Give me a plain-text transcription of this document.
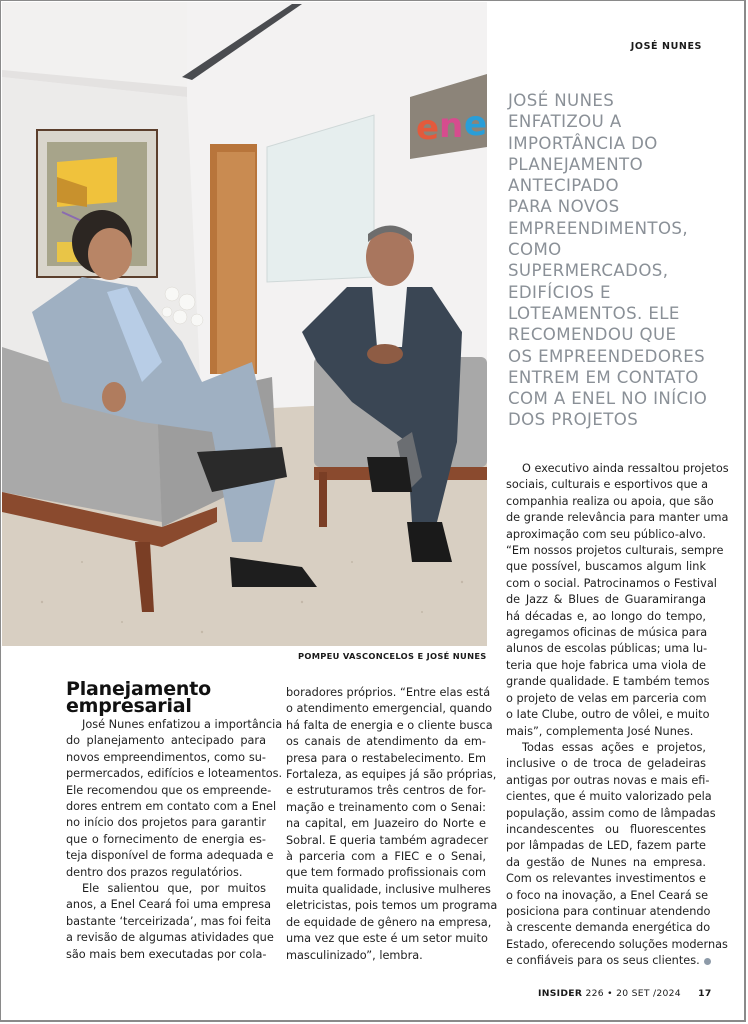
e n e
JOSÉ NUNES
JOSÉ NUNES
ENFATIZOU A
IMPORTÂNCIA DO
PLANEJAMENTO
ANTECIPADO
PARA NOVOS
EMPREENDIMENTOS,
COMO
SUPERMERCADOS,
EDIFÍCIOS E
LOTEAMENTOS. ELE
RECOMENDOU QUE
OS EMPREENDEDORES
ENTREM EM CONTATO
COM A ENEL NO INÍCIO
DOS PROJETOS
POMPEU VASCONCELOS E JOSÉ NUNES
Planejamento
empresarial
José Nunes enfatizou a importância
do planejamento antecipado para
novos empreendimentos, como su-
permercados, edifícios e loteamentos.
Ele recomendou que os empreende-
dores entrem em contato com a Enel
no início dos projetos para garantir
que o fornecimento de energia es-
teja disponível de forma adequada e
dentro dos prazos regulatórios.
Ele salientou que, por muitos
anos, a Enel Ceará foi uma empresa
bastante ‘terceirizada’, mas foi feita
a revisão de algumas atividades que
são mais bem executadas por cola-
boradores próprios. “Entre elas está
o atendimento emergencial, quando
há falta de energia e o cliente busca
os canais de atendimento da em-
presa para o restabelecimento. Em
Fortaleza, as equipes já são próprias,
e estruturamos três centros de for-
mação e treinamento com o Senai:
na capital, em Juazeiro do Norte e
Sobral. E queria também agradecer
à parceria com a FIEC e o Senai,
que tem formado profissionais com
muita qualidade, inclusive mulheres
eletricistas, pois temos um programa
de equidade de gênero na empresa,
uma vez que este é um setor muito
masculinizado”, lembra.
O executivo ainda ressaltou projetos
sociais, culturais e esportivos que a
companhia realiza ou apoia, que são
de grande relevância para manter uma
aproximação com seu público-alvo.
“Em nossos projetos culturais, sempre
que possível, buscamos algum link
com o social. Patrocinamos o Festival
de Jazz & Blues de Guaramiranga
há décadas e, ao longo do tempo,
agregamos oficinas de música para
alunos de escolas públicas; uma lu-
teria que hoje fabrica uma viola de
grande qualidade. E também temos
o projeto de velas em parceria com
o Iate Clube, outro de vôlei, e muito
mais”, complementa José Nunes.
Todas essas ações e projetos,
inclusive o de troca de geladeiras
antigas por outras novas e mais efi-
cientes, que é muito valorizado pela
população, assim como de lâmpadas
incandescentes ou fluorescentes
por lâmpadas de LED, fazem parte
da gestão de Nunes na empresa.
Com os relevantes investimentos e
o foco na inovação, a Enel Ceará se
posiciona para continuar atendendo
à crescente demanda energética do
Estado, oferecendo soluções modernas
e confiáveis para os seus clientes.
INSIDER 226 • 20 SET /2024 17
